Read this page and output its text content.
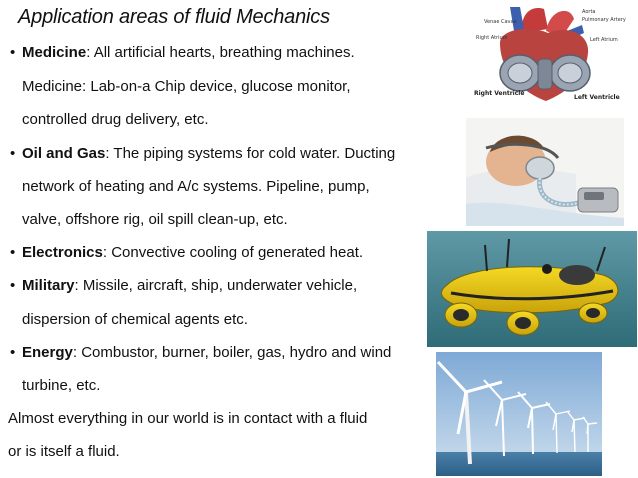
Application areas of fluid Mechanics
• Medicine: All artificial hearts, breathing machines.
Medicine: Lab-on-a Chip device, glucose monitor,
controlled drug delivery, etc.
• Oil and Gas: The piping systems for cold water. Ducting
network of heating and A/c systems. Pipeline, pump,
valve, offshore rig, oil spill clean-up, etc.
• Electronics: Convective cooling of generated heat.
• Military: Missile, aircraft, ship, underwater vehicle,
dispersion of chemical agents etc.
• Energy: Combustor, burner, boiler, gas, hydro and wind
turbine, etc.
Almost everything in our world is in contact with a fluid
or is itself a fluid.
Venae Cavae
Aorta
Pulmonary Artery
Right Atrium	Left Atrium
Right Ventricle
Left Ventricle
